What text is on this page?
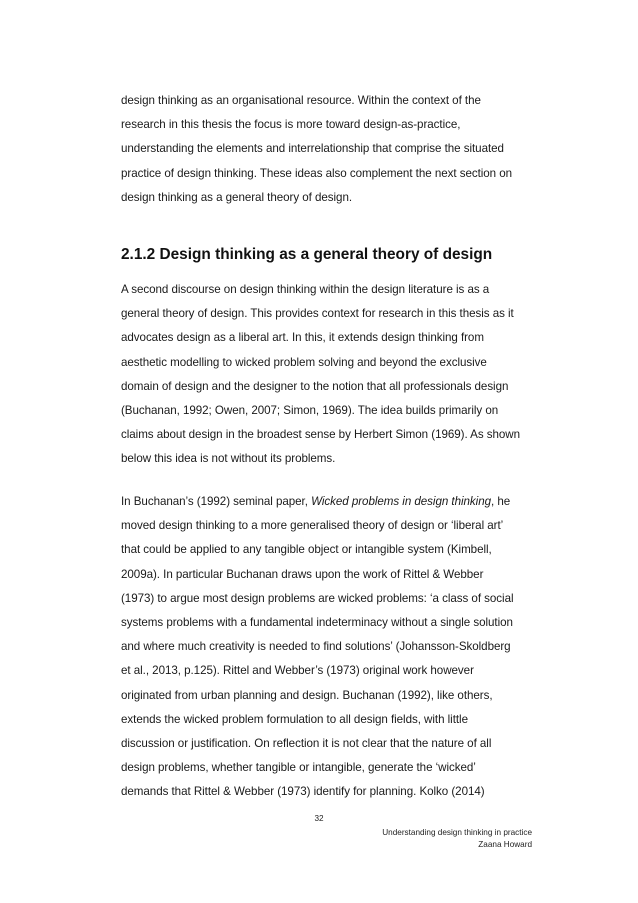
design thinking as an organisational resource. Within the context of the
research in this thesis the focus is more toward design-as-practice,
understanding the elements and interrelationship that comprise the situated
practice of design thinking. These ideas also complement the next section on
design thinking as a general theory of design.
2.1.2 Design thinking as a general theory of design
A second discourse on design thinking within the design literature is as a
general theory of design. This provides context for research in this thesis as it
advocates design as a liberal art. In this, it extends design thinking from
aesthetic modelling to wicked problem solving and beyond the exclusive
domain of design and the designer to the notion that all professionals design
(Buchanan, 1992; Owen, 2007; Simon, 1969). The idea builds primarily on
claims about design in the broadest sense by Herbert Simon (1969). As shown
below this idea is not without its problems.
In Buchanan’s (1992) seminal paper, Wicked problems in design thinking, he
moved design thinking to a more generalised theory of design or ‘liberal art’
that could be applied to any tangible object or intangible system (Kimbell,
2009a). In particular Buchanan draws upon the work of Rittel & Webber
(1973) to argue most design problems are wicked problems: ‘a class of social
systems problems with a fundamental indeterminacy without a single solution
and where much creativity is needed to find solutions’ (Johansson-Skoldberg
et al., 2013, p.125). Rittel and Webber’s (1973) original work however
originated from urban planning and design. Buchanan (1992), like others,
extends the wicked problem formulation to all design fields, with little
discussion or justification. On reflection it is not clear that the nature of all
design problems, whether tangible or intangible, generate the ‘wicked’
demands that Rittel & Webber (1973) identify for planning. Kolko (2014)
32
Understanding design thinking in practice
Zaana Howard
